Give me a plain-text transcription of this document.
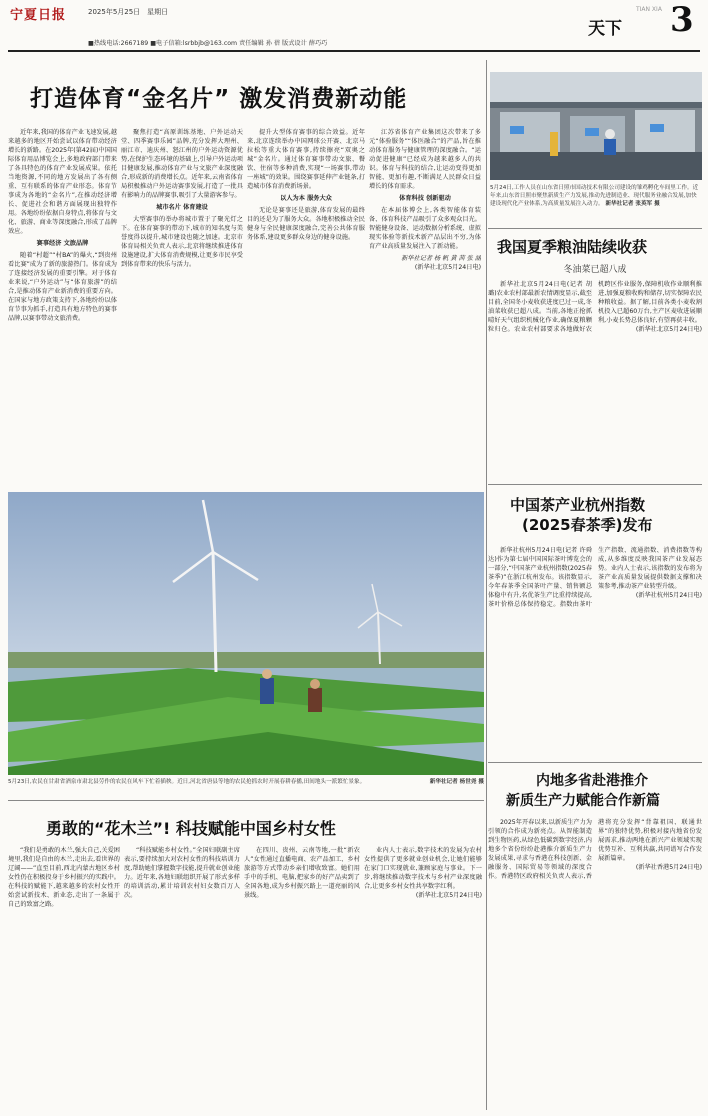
宁夏日报	2025年5月25日　星期日
天下
TIAN XIA 3
■热线电话:2667189 ■电子信箱:lsrbbjb@163.com 责任编辑 孙 蓓 版式设计 薛巧巧
打造体育“金名片” 激发消费新动能

近年来,我国的体育产业飞速发展,越来越多的地区开始尝试以体育带动经济增长的新路。在2025年(第42届)中国国际体育用品博览会上,多地政府部门带来了各具特色的体育产业发展成果。依托当地资源,不同的地方发展出了各有侧重、互有联系的体育产业形态。体育节事成为各地的“金名片”,在推动经济增长、促进社会和谐方面展现出独特作用。各地纷纷依据自身特点,将体育与文化、旅游、商业等深度融合,形成了品牌效应。

赛事经济 文旅品牌

随着“村超”“村BA”的爆火,“到贵州看比赛”成为了新的旅游热门。体育成为了连接经济发展的重要引擎。对于体育业来说,“户外运动”与“体育旅游”的结合,是推动体育产业新消费的重要方向。在国家与地方政策支持下,各地纷纷以体育节事为抓手,打造具有地方特色的赛事品牌,以赛事带动文旅消费。

聚焦打造“高原训练基地、户外运动天堂、四季赛事乐园”品牌,充分发挥大理州、丽江市、迪庆州、怒江州的户外运动资源优势,在保护生态环境的基础上,引导户外运动项目健康发展,推动体育产业与文旅产业深度融合,形成新的消费增长点。近年来,云南省体育局积极推动户外运动赛事发展,打造了一批具有影响力的品牌赛事,吸引了大量游客参与。

城市名片 体育建设

大型赛事的举办将城市置于了聚光灯之下。在体育赛事的带动下,城市的知名度与美誉度得以提升,城市建设也随之加速。北京市体育局相关负责人表示,北京将继续推进体育设施建设,扩大体育消费规模,让更多市民享受到体育带来的快乐与活力。

提升大型体育赛事的综合效益。近年来,北京连续举办中国网球公开赛、北京马拉松等重大体育赛事,持续擦亮“双奥之城”金名片。通过体育赛事带动文旅、餐饮、住宿等多种消费,实现“一场赛事,带动一座城”的效果。围绕赛事延伸产业链条,打造城市体育消费新场景。

以人为本 服务大众

无论是赛事还是旅游,体育发展的最终目的还是为了服务大众。各地积极推动全民健身与全民健康深度融合,完善公共体育服务体系,建设更多群众身边的健身设施。

江苏省体育产业集团这次带来了多元“体验服务”“体医融合”的产品,旨在推动体育服务与健康管理的深度融合。“运动促进健康”已经成为越来越多人的共识。体育与科技的结合,让运动变得更加智能、更加有趣,不断满足人民群众日益增长的体育需求。

体育科技 创新驱动

在本届体博会上,各类智能体育装备、体育科技产品吸引了众多观众目光。智能健身设备、运动数据分析系统、虚拟现实体验等新技术新产品层出不穷,为体育产业高质量发展注入了新动能。

新华社记者 杨 帆 黄 茜 张 涵

(新华社北京5月24日电)

5月24日,工作人员在山东省日照市国动技术有限公司建设的雏鸡孵化车间里工作。近年来,山东省日照市聚焦新质生产力发展,推动先进制造业、现代服务业融合发展,加快建设现代化产业体系,为高质量发展注入动力。 新华社记者 张英军 摄
我国夏季粮油陆续收获
冬油菜已超八成

新华社北京5月24日电(记者 胡璐)农业农村部最新农情调度显示,截至目前,全国冬小麦收获进度已过一成,冬油菜收获已超八成。当前,各地正抢抓晴好天气组织机械化作业,确保夏粮颗粒归仓。农业农村部要求各地做好农机跨区作业服务,保障机收作业顺利推进,加强夏粮收购和储存,切实保障农民种粮收益。据了解,目前各类小麦收割机投入已超60万台,主产区麦收进展顺利,小麦长势总体良好,有望再获丰收。

(新华社北京5月24日电)

5月23日,农民在甘肃省酒泉市肃北县劳作的农民在风车下忙着插秧。近日,河北省唐县等地的农民抢抓农时开展春耕春播,田间地头一派繁忙景象。	新华社记者 杨世尧 摄
中国茶产业杭州指数
(2025春茶季)发布

新华社杭州5月24日电(记者 许舜达)作为第七届中国国际茶叶博览会的一部分,“中国茶产业杭州指数(2025春茶季)”在浙江杭州发布。该指数显示,今年春茶季全国茶叶产量、销售额总体稳中有升,名优茶生产比重持续提高,茶叶价格总体保持稳定。指数由茶叶生产指数、流通指数、消费指数等构成,从多维度反映我国茶产业发展态势。业内人士表示,该指数的发布将为茶产业高质量发展提供数据支撑和决策参考,推动茶产业转型升级。

(新华社杭州5月24日电)

勇敢的“花木兰”! 科技赋能中国乡村女性

“我们是勇敢的木兰,强大自己,关爱困境里,我们是自由的木兰,走出去,看世界的辽阔——”直至目前,西北内蒙古地区乡村女性仍在积极投身于乡村振兴的实践中。在科技的赋能下,越来越多的农村女性开始尝试新技术、新业态,走出了一条属于自己的致富之路。

“科技赋能乡村女性。”全国妇联副主席表示,要持续加大对农村女性的科技培训力度,帮助她们掌握数字技能,提升就业创业能力。近年来,各地妇联组织开展了形式多样的培训活动,累计培训农村妇女数百万人次。

在四川、贵州、云南等地,一批“新农人”女性通过直播电商、农产品加工、乡村旅游等方式带动乡亲们增收致富。她们用手中的手机、电脑,把家乡的好产品卖到了全国各地,成为乡村振兴路上一道亮丽的风景线。

业内人士表示,数字技术的发展为农村女性提供了更多就业创业机会,让她们能够在家门口实现就业,兼顾家庭与事业。下一步,将继续推动数字技术与乡村产业深度融合,让更多乡村女性共享数字红利。

(新华社北京5月24日电)

内地多省赴港推介
新质生产力赋能合作新篇

2025年开春以来,以新质生产力为引领的合作成为新亮点。从智能制造到生物医药,从绿色低碳到数字经济,内地多个省份纷纷赴港推介新质生产力发展成果,寻求与香港在科技创新、金融服务、国际贸易等领域的深度合作。香港特区政府相关负责人表示,香港将充分发挥“背靠祖国、联通世界”的独特优势,积极对接内地省份发展需求,推动两地在新兴产业领域实现优势互补、互利共赢,共同谱写合作发展新篇章。

(新华社香港5月24日电)
